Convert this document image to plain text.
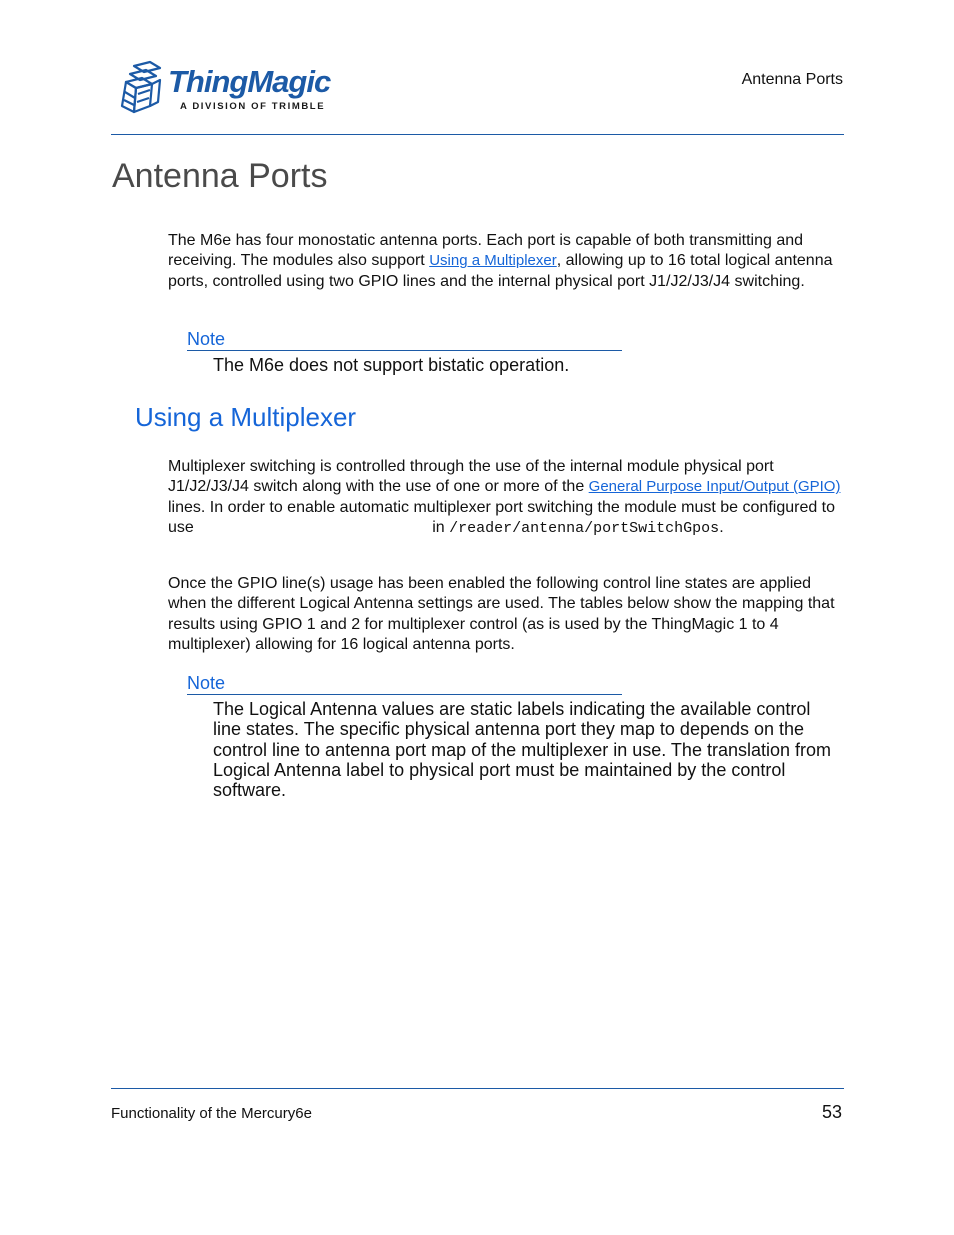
ThingMagic
A DIVISION OF TRIMBLE
Antenna Ports
Antenna Ports

The M6e has four monostatic antenna ports. Each port is capable of both transmitting and receiving. The modules also support Using a Multiplexer, allowing up to 16 total logical antenna ports, controlled using two GPIO lines and the internal physical port J1/J2/J3/J4 switching.

Note

The M6e does not support bistatic operation.

Using a Multiplexer

Multiplexer switching is controlled through the use of the internal module physical port J1/J2/J3/J4 switch along with the use of one or more of the General Purpose Input/Output (GPIO) lines. In order to enable automatic multiplexer port switching the module must be configured to use	in /reader/antenna/portSwitchGpos.

Once the GPIO line(s) usage has been enabled the following control line states are applied when the different Logical Antenna settings are used. The tables below show the mapping that results using GPIO 1 and 2 for multiplexer control (as is used by the ThingMagic 1 to 4 multiplexer) allowing for 16 logical antenna ports.

Note

The Logical Antenna values are static labels indicating the available control line states. The specific physical antenna port they map to depends on the control line to antenna port map of the multiplexer in use. The translation from Logical Antenna label to physical port must be maintained by the control software.

Functionality of the Mercury6e	53
